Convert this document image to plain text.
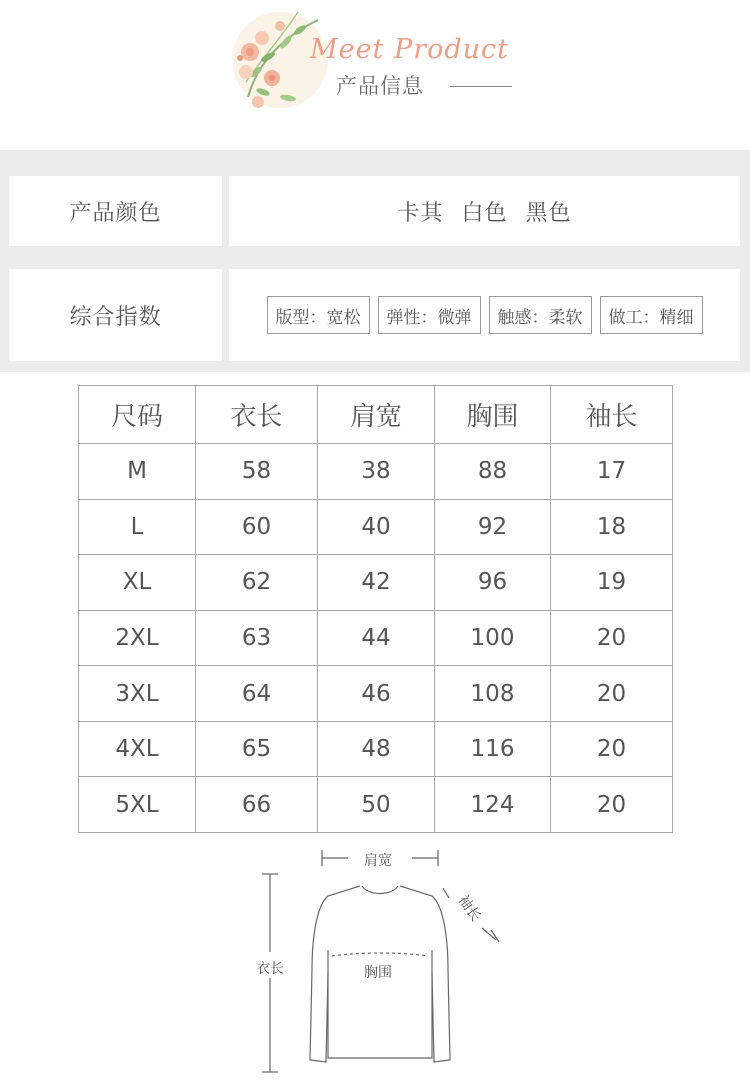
Meet Product
产品信息
产品颜色	卡其 白色 黑色
综合指数	版型：宽松	弹性：微弹	触感：柔软	做工：精细
尺码	衣长	肩宽	胸围	袖长
M	58	38	88	17
L	60	40	92	18
XL	62	42	96	19
2XL	63	44	100	20
3XL	64	46	108	20
4XL	65	48	116	20
5XL	66	50	124	20
肩宽
袖长
衣长	胸围
